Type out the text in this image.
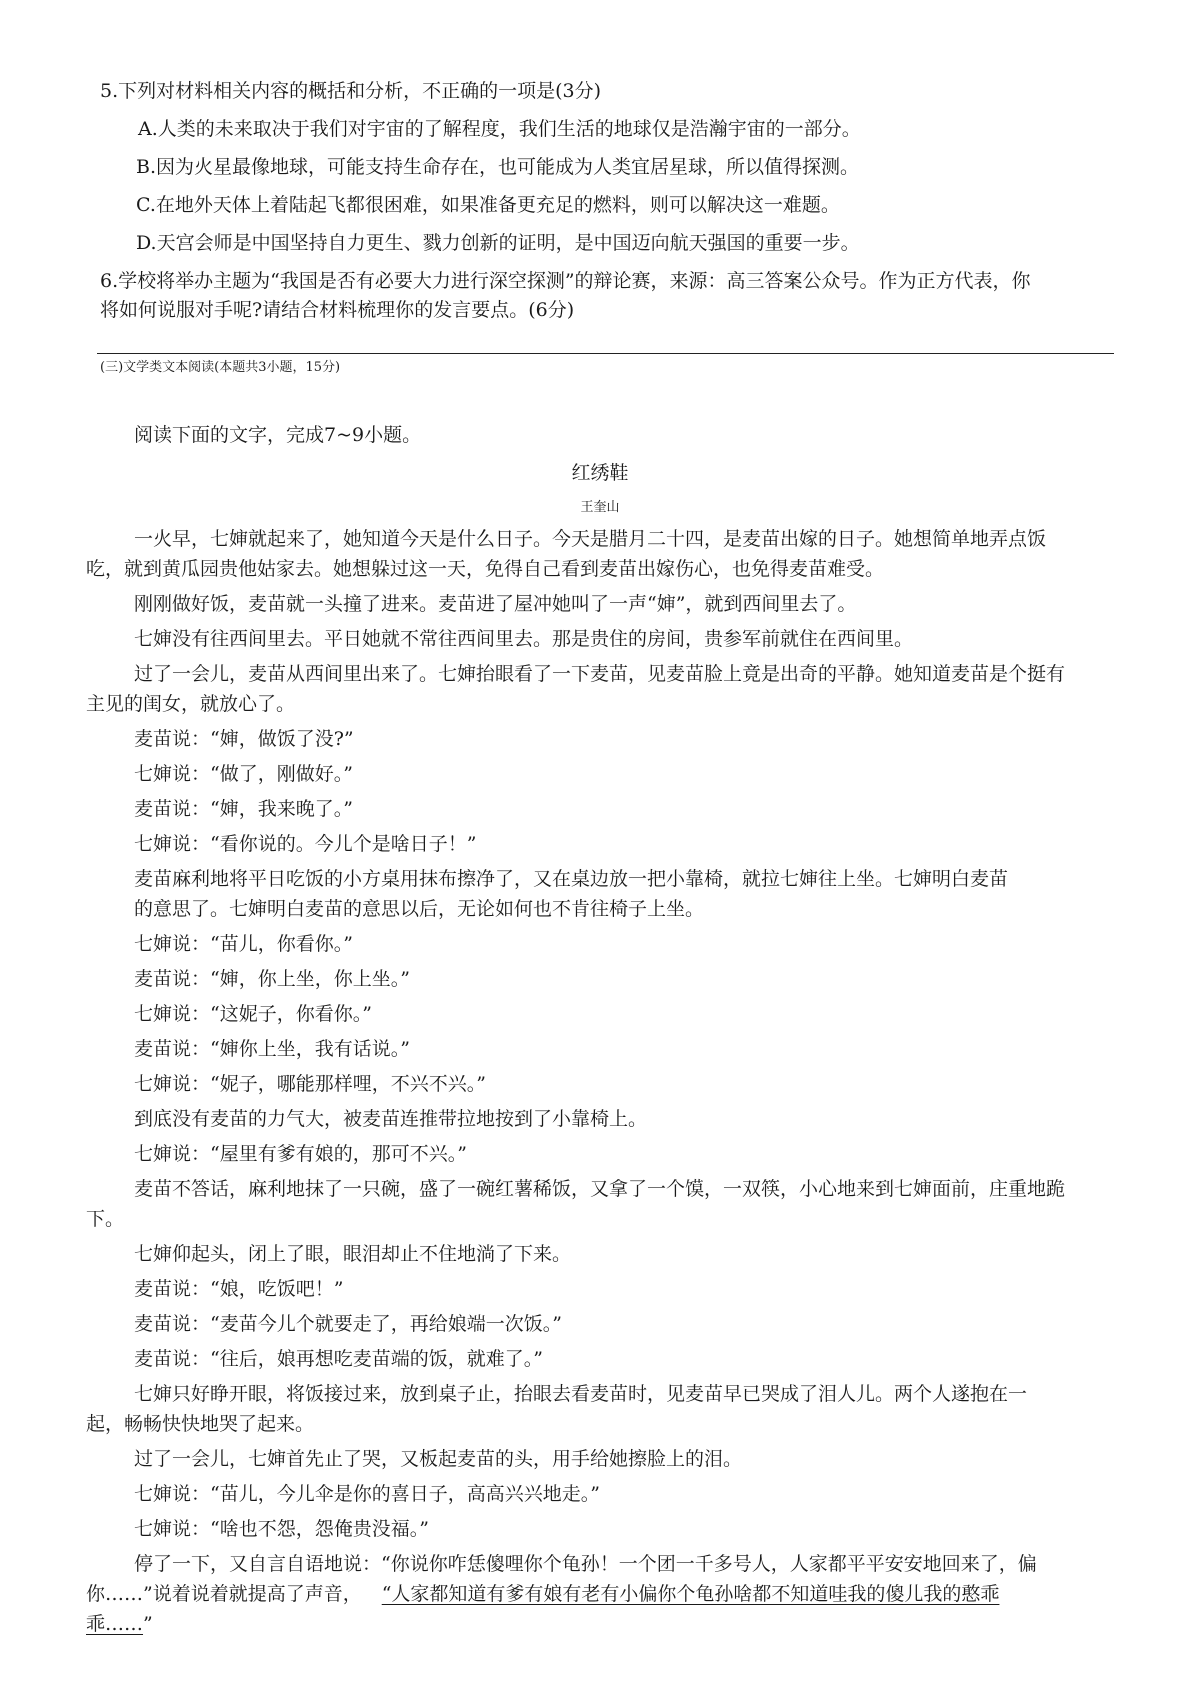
5.下列对材料相关内容的概括和分析，不正确的一项是(3分)
A.人类的未来取决于我们对宇宙的了解程度，我们生活的地球仅是浩瀚宇宙的一部分。
B.因为火星最像地球，可能支持生命存在，也可能成为人类宜居星球，所以值得探测。
C.在地外天体上着陆起飞都很困难，如果准备更充足的燃料，则可以解决这一难题。
D.天宫会师是中国坚持自力更生、戮力创新的证明，是中国迈向航天强国的重要一步。
6.学校将举办主题为“我国是否有必要大力进行深空探测”的辩论赛，来源：高三答案公众号。作为正方代表，你
将如何说服对手呢?请结合材料梳理你的发言要点。(6分)
(三)文学类文本阅读(本题共3小题，15分)
阅读下面的文字，完成7~9小题。
红绣鞋
王奎山
一火早，七婶就起来了，她知道今天是什么日子。今天是腊月二十四，是麦苗出嫁的日子。她想简单地弄点饭
吃，就到黄瓜园贵他姑家去。她想躲过这一天，免得自己看到麦苗出嫁伤心，也免得麦苗难受。
刚刚做好饭，麦苗就一头撞了进来。麦苗进了屋冲她叫了一声“婶”，就到西间里去了。
七婶没有往西间里去。平日她就不常往西间里去。那是贵住的房间，贵参军前就住在西间里。
过了一会儿，麦苗从西间里出来了。七婶抬眼看了一下麦苗，见麦苗脸上竟是出奇的平静。她知道麦苗是个挺有
主见的闺女，就放心了。
麦苗说：“婶，做饭了没?”
七婶说：“做了，刚做好。”
麦苗说：“婶，我来晚了。”
七婶说：“看你说的。今儿个是啥日子！”
麦苗麻利地将平日吃饭的小方桌用抹布擦净了，又在桌边放一把小靠椅，就拉七婶往上坐。七婶明白麦苗
的意思了。七婶明白麦苗的意思以后，无论如何也不肯往椅子上坐。
七婶说：“苗儿，你看你。”
麦苗说：“婶，你上坐，你上坐。”
七婶说：“这妮子，你看你。”
麦苗说：“婶你上坐，我有话说。”
七婶说：“妮子，哪能那样哩，不兴不兴。”
到底没有麦苗的力气大，被麦苗连推带拉地按到了小靠椅上。
七婶说：“屋里有爹有娘的，那可不兴。”
麦苗不答话，麻利地抹了一只碗，盛了一碗红薯稀饭，又拿了一个馍，一双筷，小心地来到七婶面前，庄重地跪
下。
七婶仰起头，闭上了眼，眼泪却止不住地淌了下来。
麦苗说：“娘，吃饭吧！”
麦苗说：“麦苗今儿个就要走了，再给娘端一次饭。”
麦苗说：“往后，娘再想吃麦苗端的饭，就难了。”
七婶只好睁开眼，将饭接过来，放到桌子止，抬眼去看麦苗时，见麦苗早已哭成了泪人儿。两个人遂抱在一
起，畅畅快快地哭了起来。
过了一会儿，七婶首先止了哭，又板起麦苗的头，用手给她擦脸上的泪。
七婶说：“苗儿，今儿伞是你的喜日子，高高兴兴地走。”
七婶说：“啥也不怨，怨俺贵没福。”
停了一下，又自言自语地说：“你说你咋恁傻哩你个龟孙！一个团一千多号人，人家都平平安安地回来了，偏
你……”说着说着就提高了声音， “人家都知道有爹有娘有老有小偏你个龟孙啥都不知道哇我的傻儿我的憨乖
乖……”
